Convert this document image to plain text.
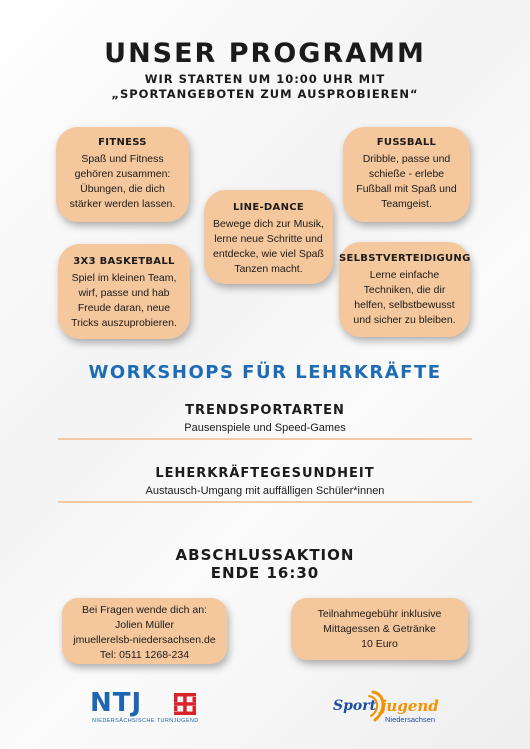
UNSER PROGRAMM
WIR STARTEN UM 10:00 UHR MIT
„SPORTANGEBOTEN ZUM AUSPROBIEREN“
FITNESS

Spaß und Fitness
gehören zusammen:
Übungen, die dich
stärker werden lassen.

FUSSBALL

Dribble, passe und
schieße - erlebe
Fußball mit Spaß und
Teamgeist.

LINE-DANCE

Bewege dich zur Musik,
lerne neue Schritte und
entdecke, wie viel Spaß
Tanzen macht.

3X3 BASKETBALL

Spiel im kleinen Team,
wirf, passe und hab
Freude daran, neue
Tricks auszuprobieren.

SELBSTVERTEIDIGUNG

Lerne einfache
Techniken, die dir
helfen, selbstbewusst
und sicher zu bleiben.

WORKSHOPS FÜR LEHRKRÄFTE
TRENDSPORTARTEN
Pausenspiele und Speed-Games
LEHERKRÄFTEGESUNDHEIT
Austausch-Umgang mit auffälligen Schüler*innen
ABSCHLUSSAKTION
ENDE 16:30
Bei Fragen wende dich an:
Jolien Müller
jmuellerelsb-niedersachsen.de
Tel: 0511 1268-234
Teilnahmegebühr inklusive
Mittagessen & Getränke
10 Euro
NTJ
NIEDERSÄCHSISCHE TURNJUGEND
Sport jugend
Niedersachsen
